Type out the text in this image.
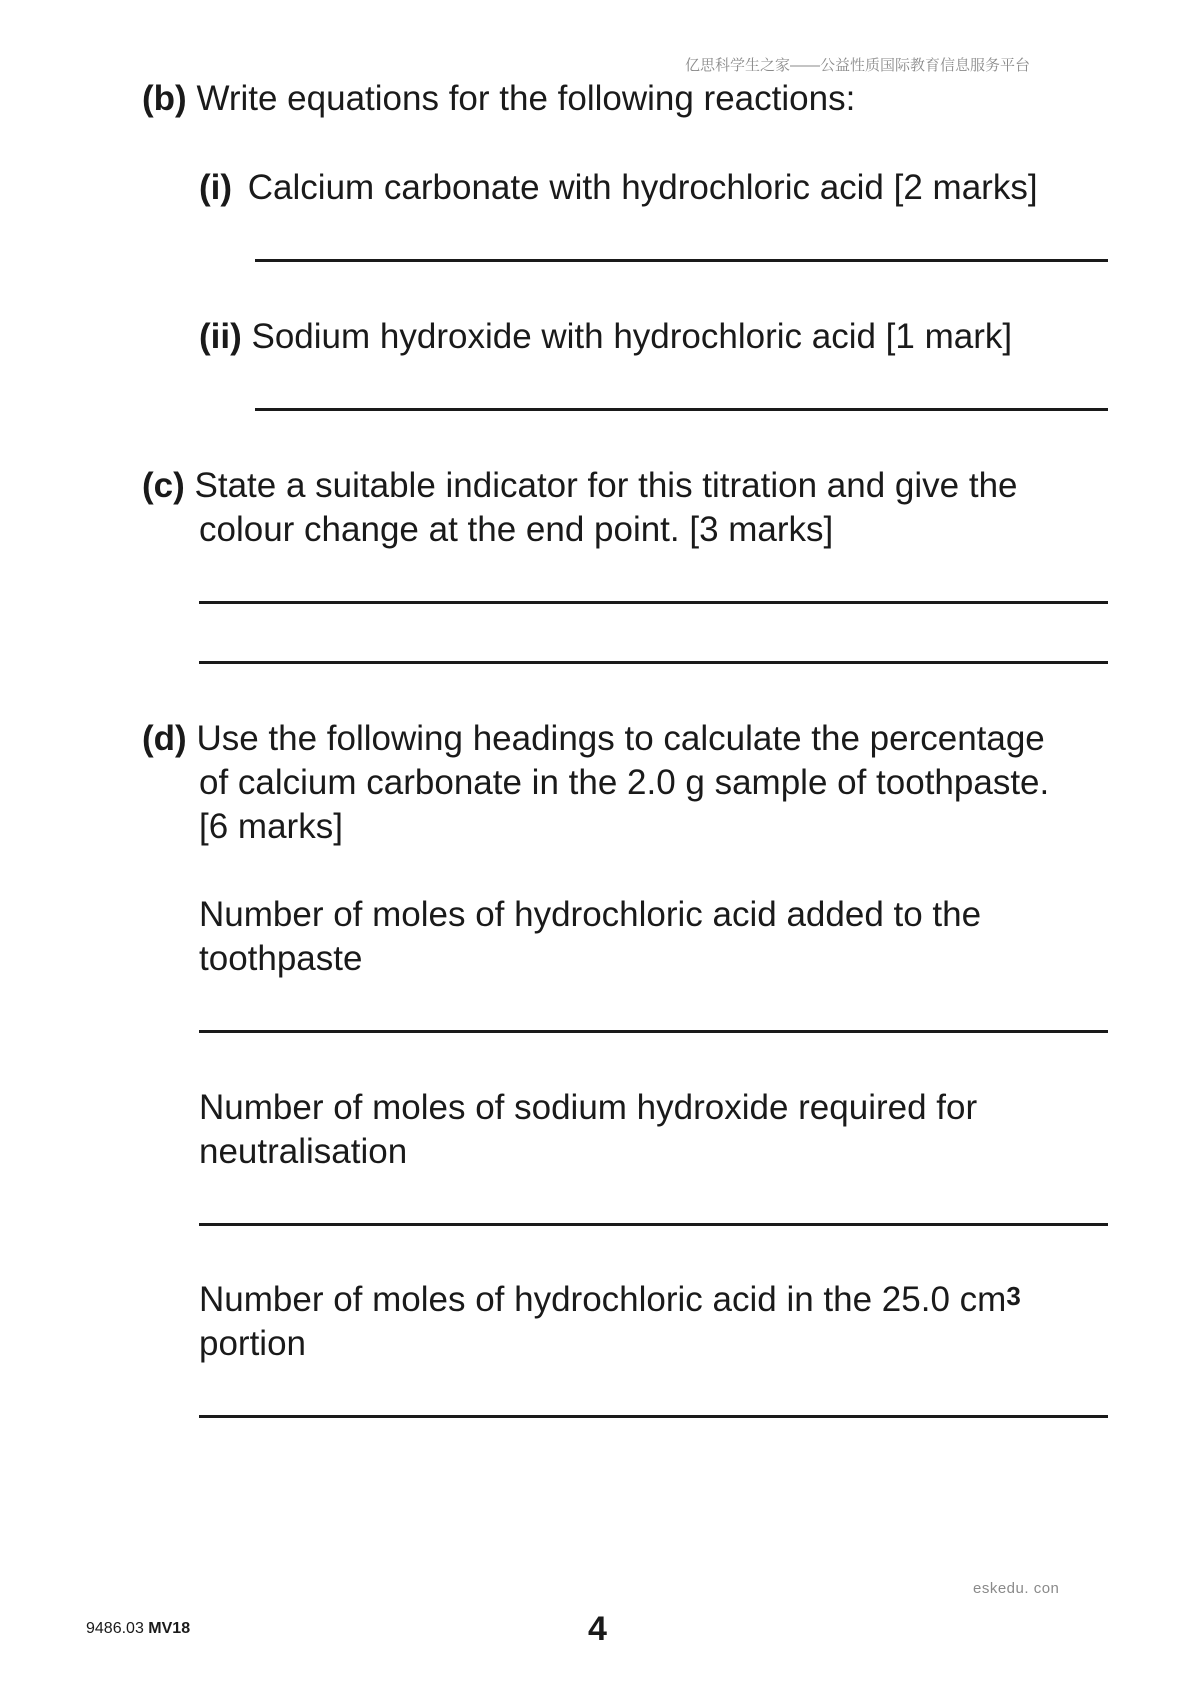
亿思科学生之家——公益性质国际教育信息服务平台
(b) Write equations for the following reactions:
(i) Calcium carbonate with hydrochloric acid [2 marks]
(ii) Sodium hydroxide with hydrochloric acid [1 mark]
(c) State a suitable indicator for this titration and give the
colour change at the end point. [3 marks]
(d) Use the following headings to calculate the percentage
of calcium carbonate in the 2.0 g sample of toothpaste.
[6 marks]
Number of moles of hydrochloric acid added to the
toothpaste
Number of moles of sodium hydroxide required for
neutralisation
Number of moles of hydrochloric acid in the 25.0 $cm^3$
portion
eskedu. con
9486.03 MV18	4
